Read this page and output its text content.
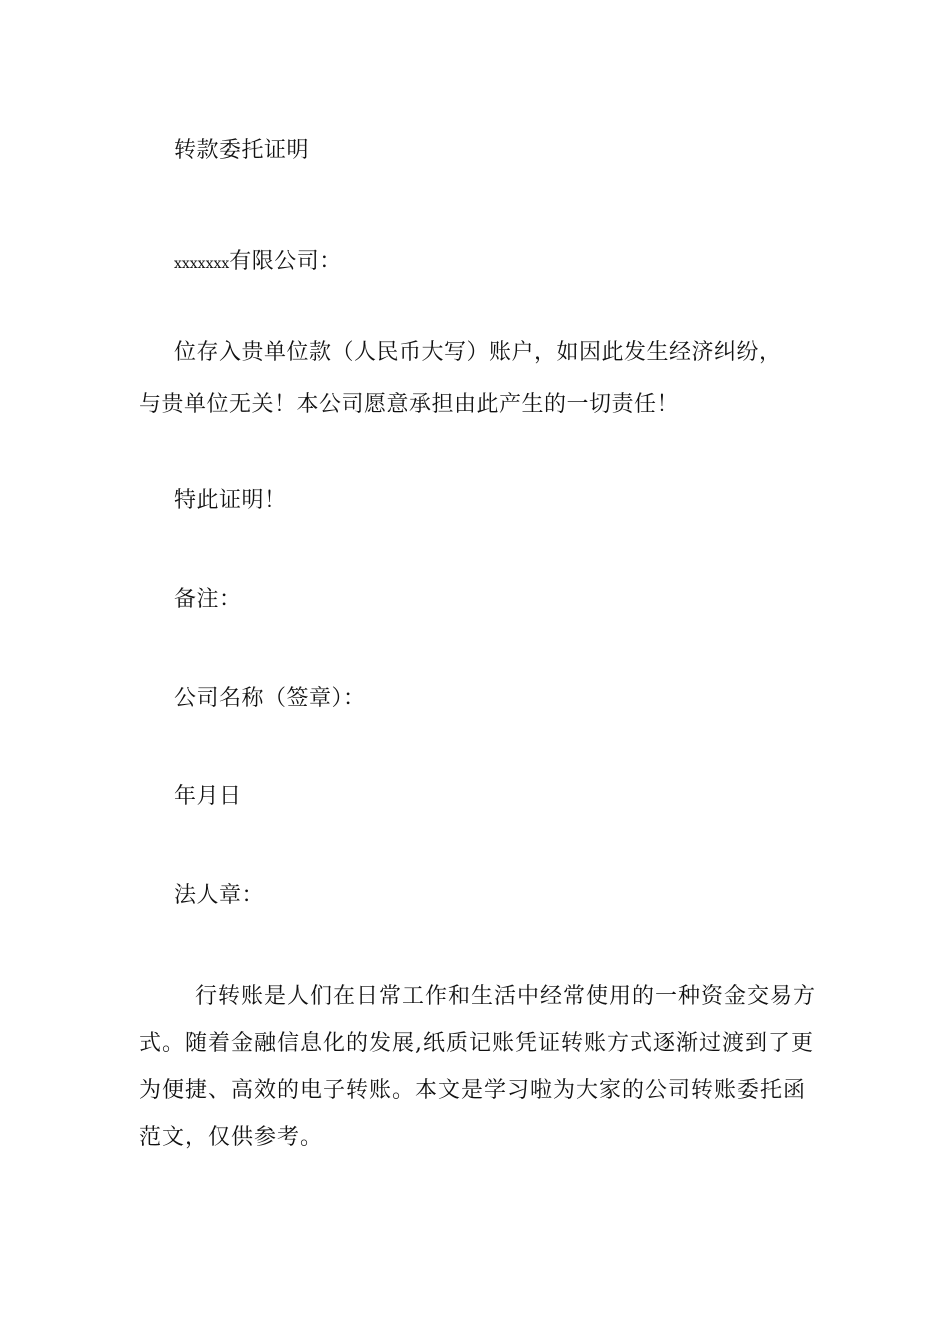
转款委托证明
xxxxxxx有限公司：
位存入贵单位款（人民币大写）账户，如因此发生经济纠纷，
与贵单位无关！本公司愿意承担由此产生的一切责任！
特此证明！
备注：
公司名称（签章）：
年月日
法人章：
行转账是人们在日常工作和生活中经常使用的一种资金交易方
式。随着金融信息化的发展,纸质记账凭证转账方式逐渐过渡到了更
为便捷、高效的电子转账。本文是学习啦为大家的公司转账委托函
范文，仅供参考。
